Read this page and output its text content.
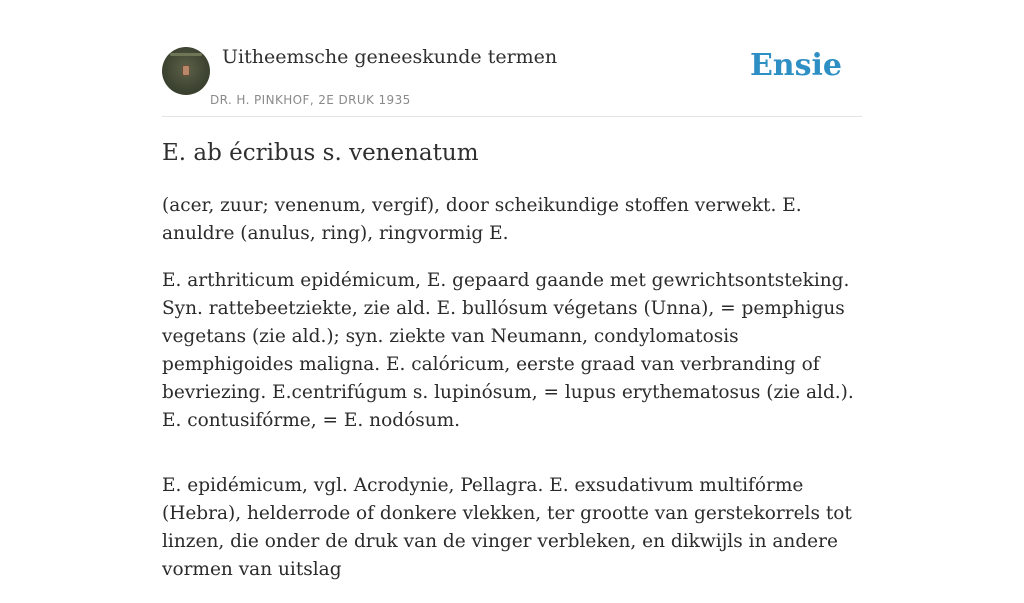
Uitheemsche geneeskunde termen
DR. H. PINKHOF, 2E DRUK 1935
Ensie
E. ab écribus s. venenatum

(acer, zuur; venenum, vergif), door scheikundige stoffen verwekt. E. anuldre (anulus, ring), ringvormig E.

E. arthriticum epidémicum, E. gepaard gaande met gewrichtsontsteking. Syn. rattebeetziekte, zie ald. E. bullósum végetans (Unna), = pemphigus vegetans (zie ald.); syn. ziekte van Neumann, condylomatosis pemphigoides maligna. E. calóricum, eerste graad van verbranding of bevriezing. E.centrifúgum s. lupinósum, = lupus erythematosus (zie ald.). E. contusifórme, = E. nodósum.

E. epidémicum, vgl. Acrodynie, Pellagra. E. exsudativum multifórme (Hebra), helderrode of donkere vlekken, ter grootte van gerstekorrels tot linzen, die onder de druk van de vinger verbleken, en dikwijls in andere vormen van uitslag
